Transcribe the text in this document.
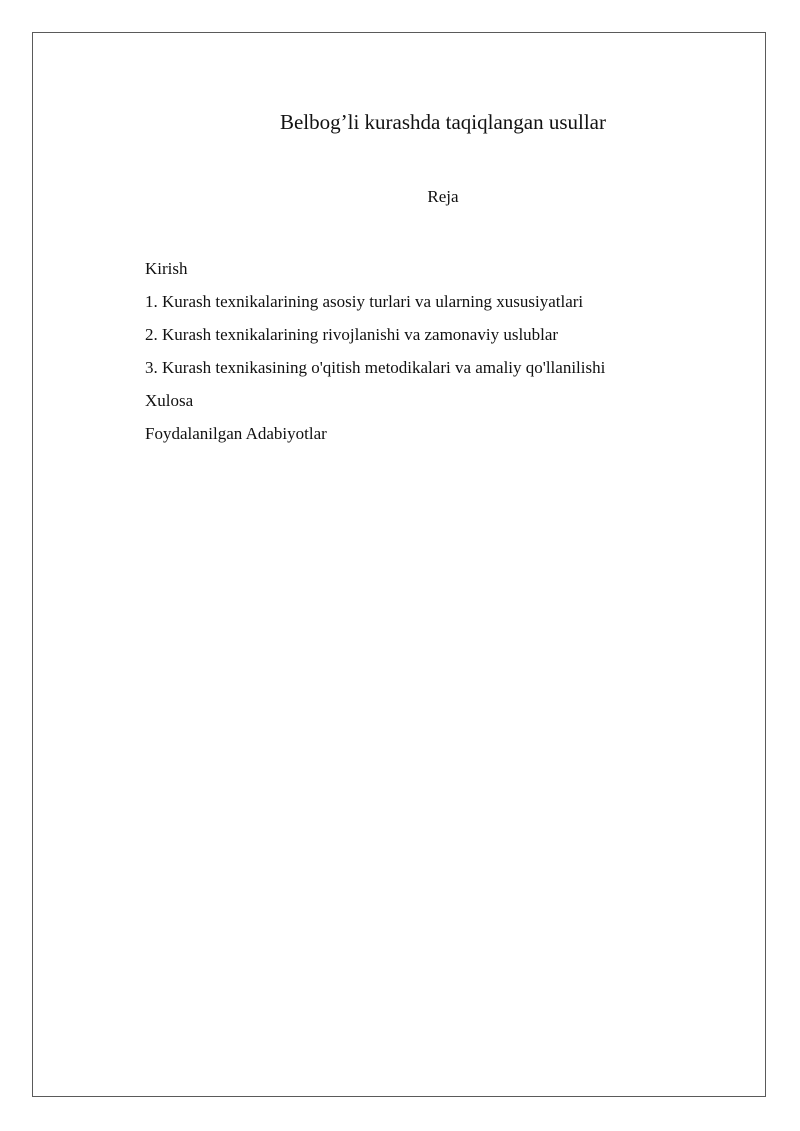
Belbog’li kurashda taqiqlangan usullar
Reja
Kirish
1. Kurash texnikalarining asosiy turlari va ularning xususiyatlari
2. Kurash texnikalarining rivojlanishi va zamonaviy uslublar
3. Kurash texnikasining o'qitish metodikalari va amaliy qo'llanilishi
Xulosa
Foydalanilgan Adabiyotlar
